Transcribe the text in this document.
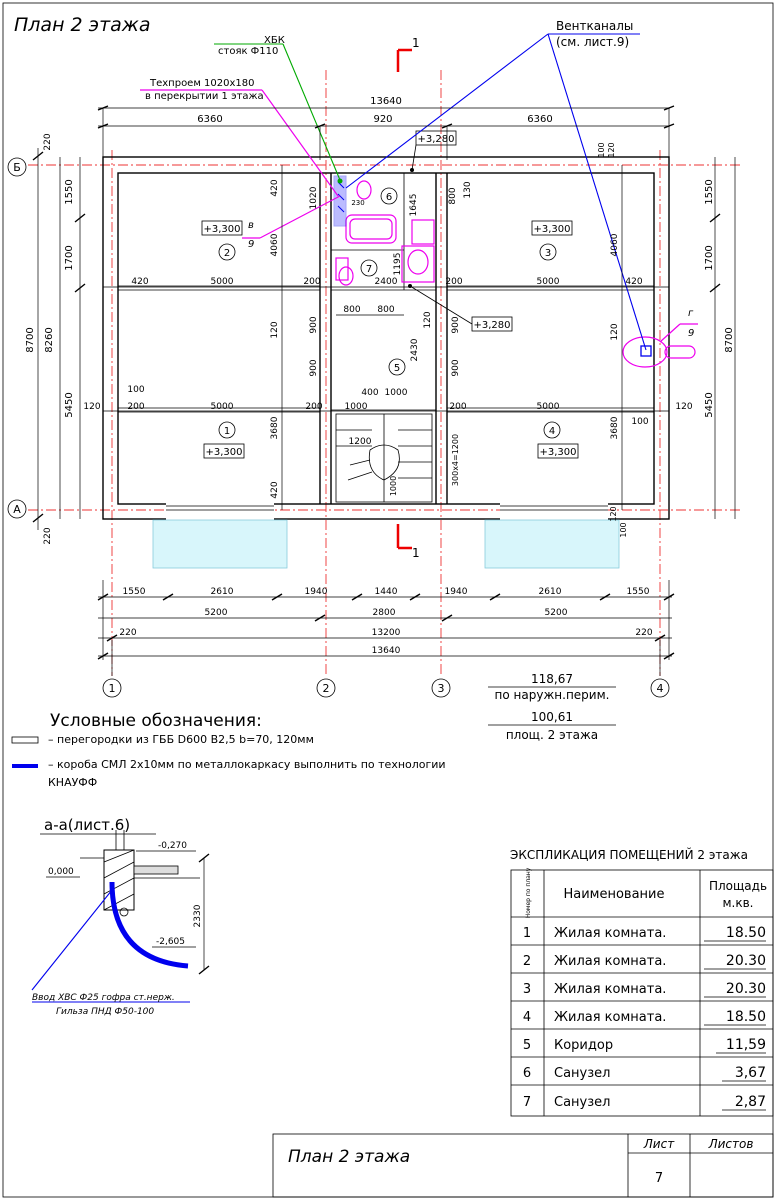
План 2 этажа
Б
А
1	2	3	4
1
1
1
+3,300
2
+3,300
3
+3,300
4
+3,300
5
6
+3,280
7
+3,280
Вентканалы
(см. лист.9)
ХБК
стояк Ф110
Техпроем 1020х180
в перекрытии 1 этажа
в
9
г
9
13640
6360	920	6360
420	5000	200	2400	200	5000	420
100
120	200	5000	200 1000
400 1000
200	5000
100
120
800 800
1200
420
4060
120
3680
420
4060
120
3680
120
100
100 120
1020	230	1645	800 130
1195
120
900
900
2430
900
900
1000	300х4=1200
220
1550
1700
5450
8260
8700
220
1550
1700
5450
8700
1550	2610	1940	1440	1940	2610	1550
5200	2800	5200
220	13200	220
13640
118,67
по наружн.перим.
100,61
площ. 2 этажа
Условные обозначения:
– перегородки из ГББ D600 В2,5 b=70, 120мм
– короба СМЛ 2х10мм по металлокаркасу выполнить по технологии
КНАУФФ
а-а(лист.6)
0,000
-0,270
-2,605
2330
Ввод ХВС Ф25 гофра ст.нерж.
Гильза ПНД Ф50-100
ЭКСПЛИКАЦИЯ ПОМЕЩЕНИЙ 2 этажа
Номер по плану Наименование
Площадь
м.кв.
1 Жилая комната.	18.50
2 Жилая комната.	20.30
3 Жилая комната.	20.30
4 Жилая комната.	18.50
5 Коридор	11,59
6 Санузел	3,67
7 Санузел	2,87
План 2 этажа
Лист	Листов
7
